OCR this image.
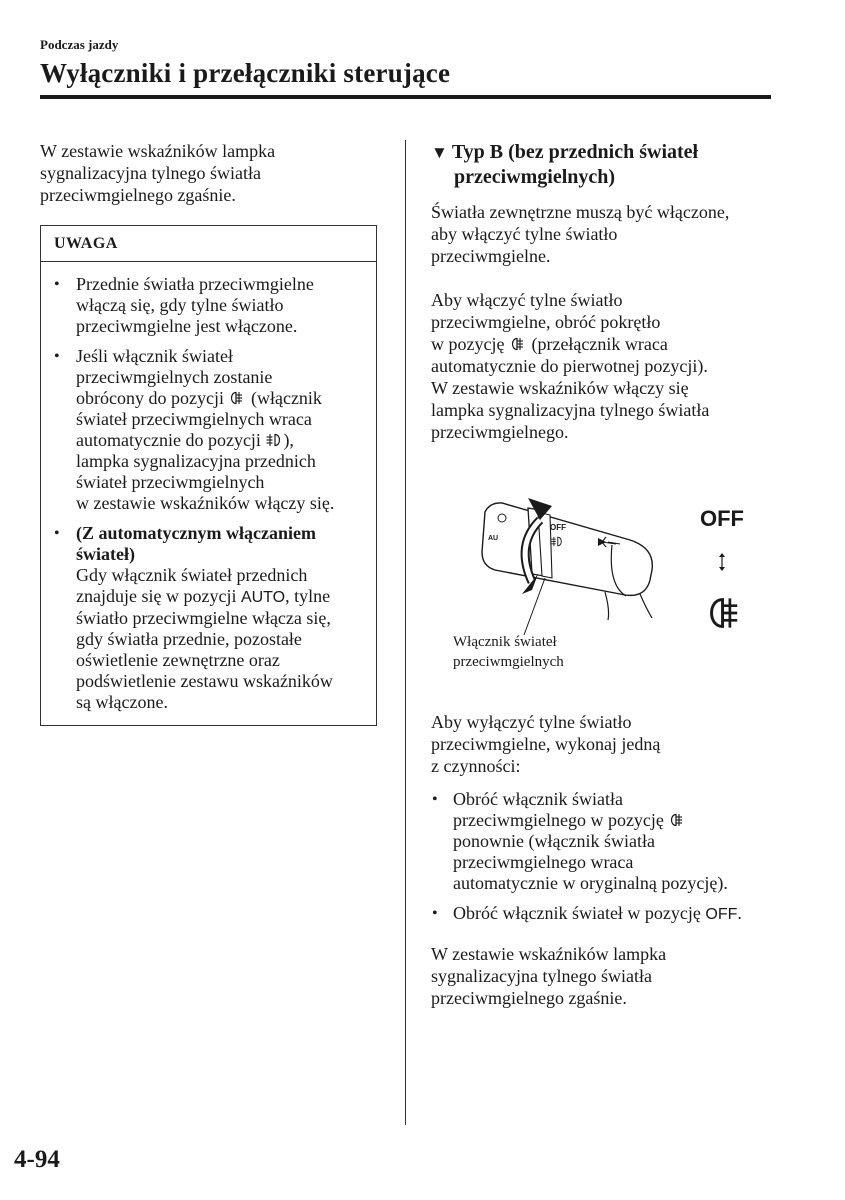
Podczas jazdy
Wyłączniki i przełączniki sterujące
W zestawie wskaźników lampka
sygnalizacyjna tylnego światła
przeciwmgielnego zgaśnie.
UWAGA
• Przednie światła przeciwmgielne
włączą się, gdy tylne światło
przeciwmgielne jest włączone.
• Jeśli włącznik świateł
przeciwmgielnych zostanie
obrócony do pozycji (włącznik
świateł przeciwmgielnych wraca
automatycznie do pozycji ),
lampka sygnalizacyjna przednich
świateł przeciwmgielnych
w zestawie wskaźników włączy się.
• (Z automatycznym włączaniem
świateł)
Gdy włącznik świateł przednich
znajduje się w pozycji AUTO, tylne
światło przeciwmgielne włącza się,
gdy światła przednie, pozostałe
oświetlenie zewnętrzne oraz
podświetlenie zestawu wskaźników
są włączone.
▼ Typ B (bez przednich świateł
przeciwmgielnych)
Światła zewnętrzne muszą być włączone,
aby włączyć tylne światło
przeciwmgielne.
Aby włączyć tylne światło
przeciwmgielne, obróć pokrętło
w pozycję (przełącznik wraca
automatycznie do pierwotnej pozycji).
W zestawie wskaźników włączy się
lampka sygnalizacyjna tylnego światła
przeciwmgielnego.
AU
OFF	OFF
Włącznik świateł
przeciwmgielnych
Aby wyłączyć tylne światło
przeciwmgielne, wykonaj jedną
z czynności:
• Obróć włącznik światła
przeciwmgielnego w pozycję
ponownie (włącznik światła
przeciwmgielnego wraca
automatycznie w oryginalną pozycję).
• Obróć włącznik świateł w pozycję OFF.
W zestawie wskaźników lampka
sygnalizacyjna tylnego światła
przeciwmgielnego zgaśnie.
4-94
